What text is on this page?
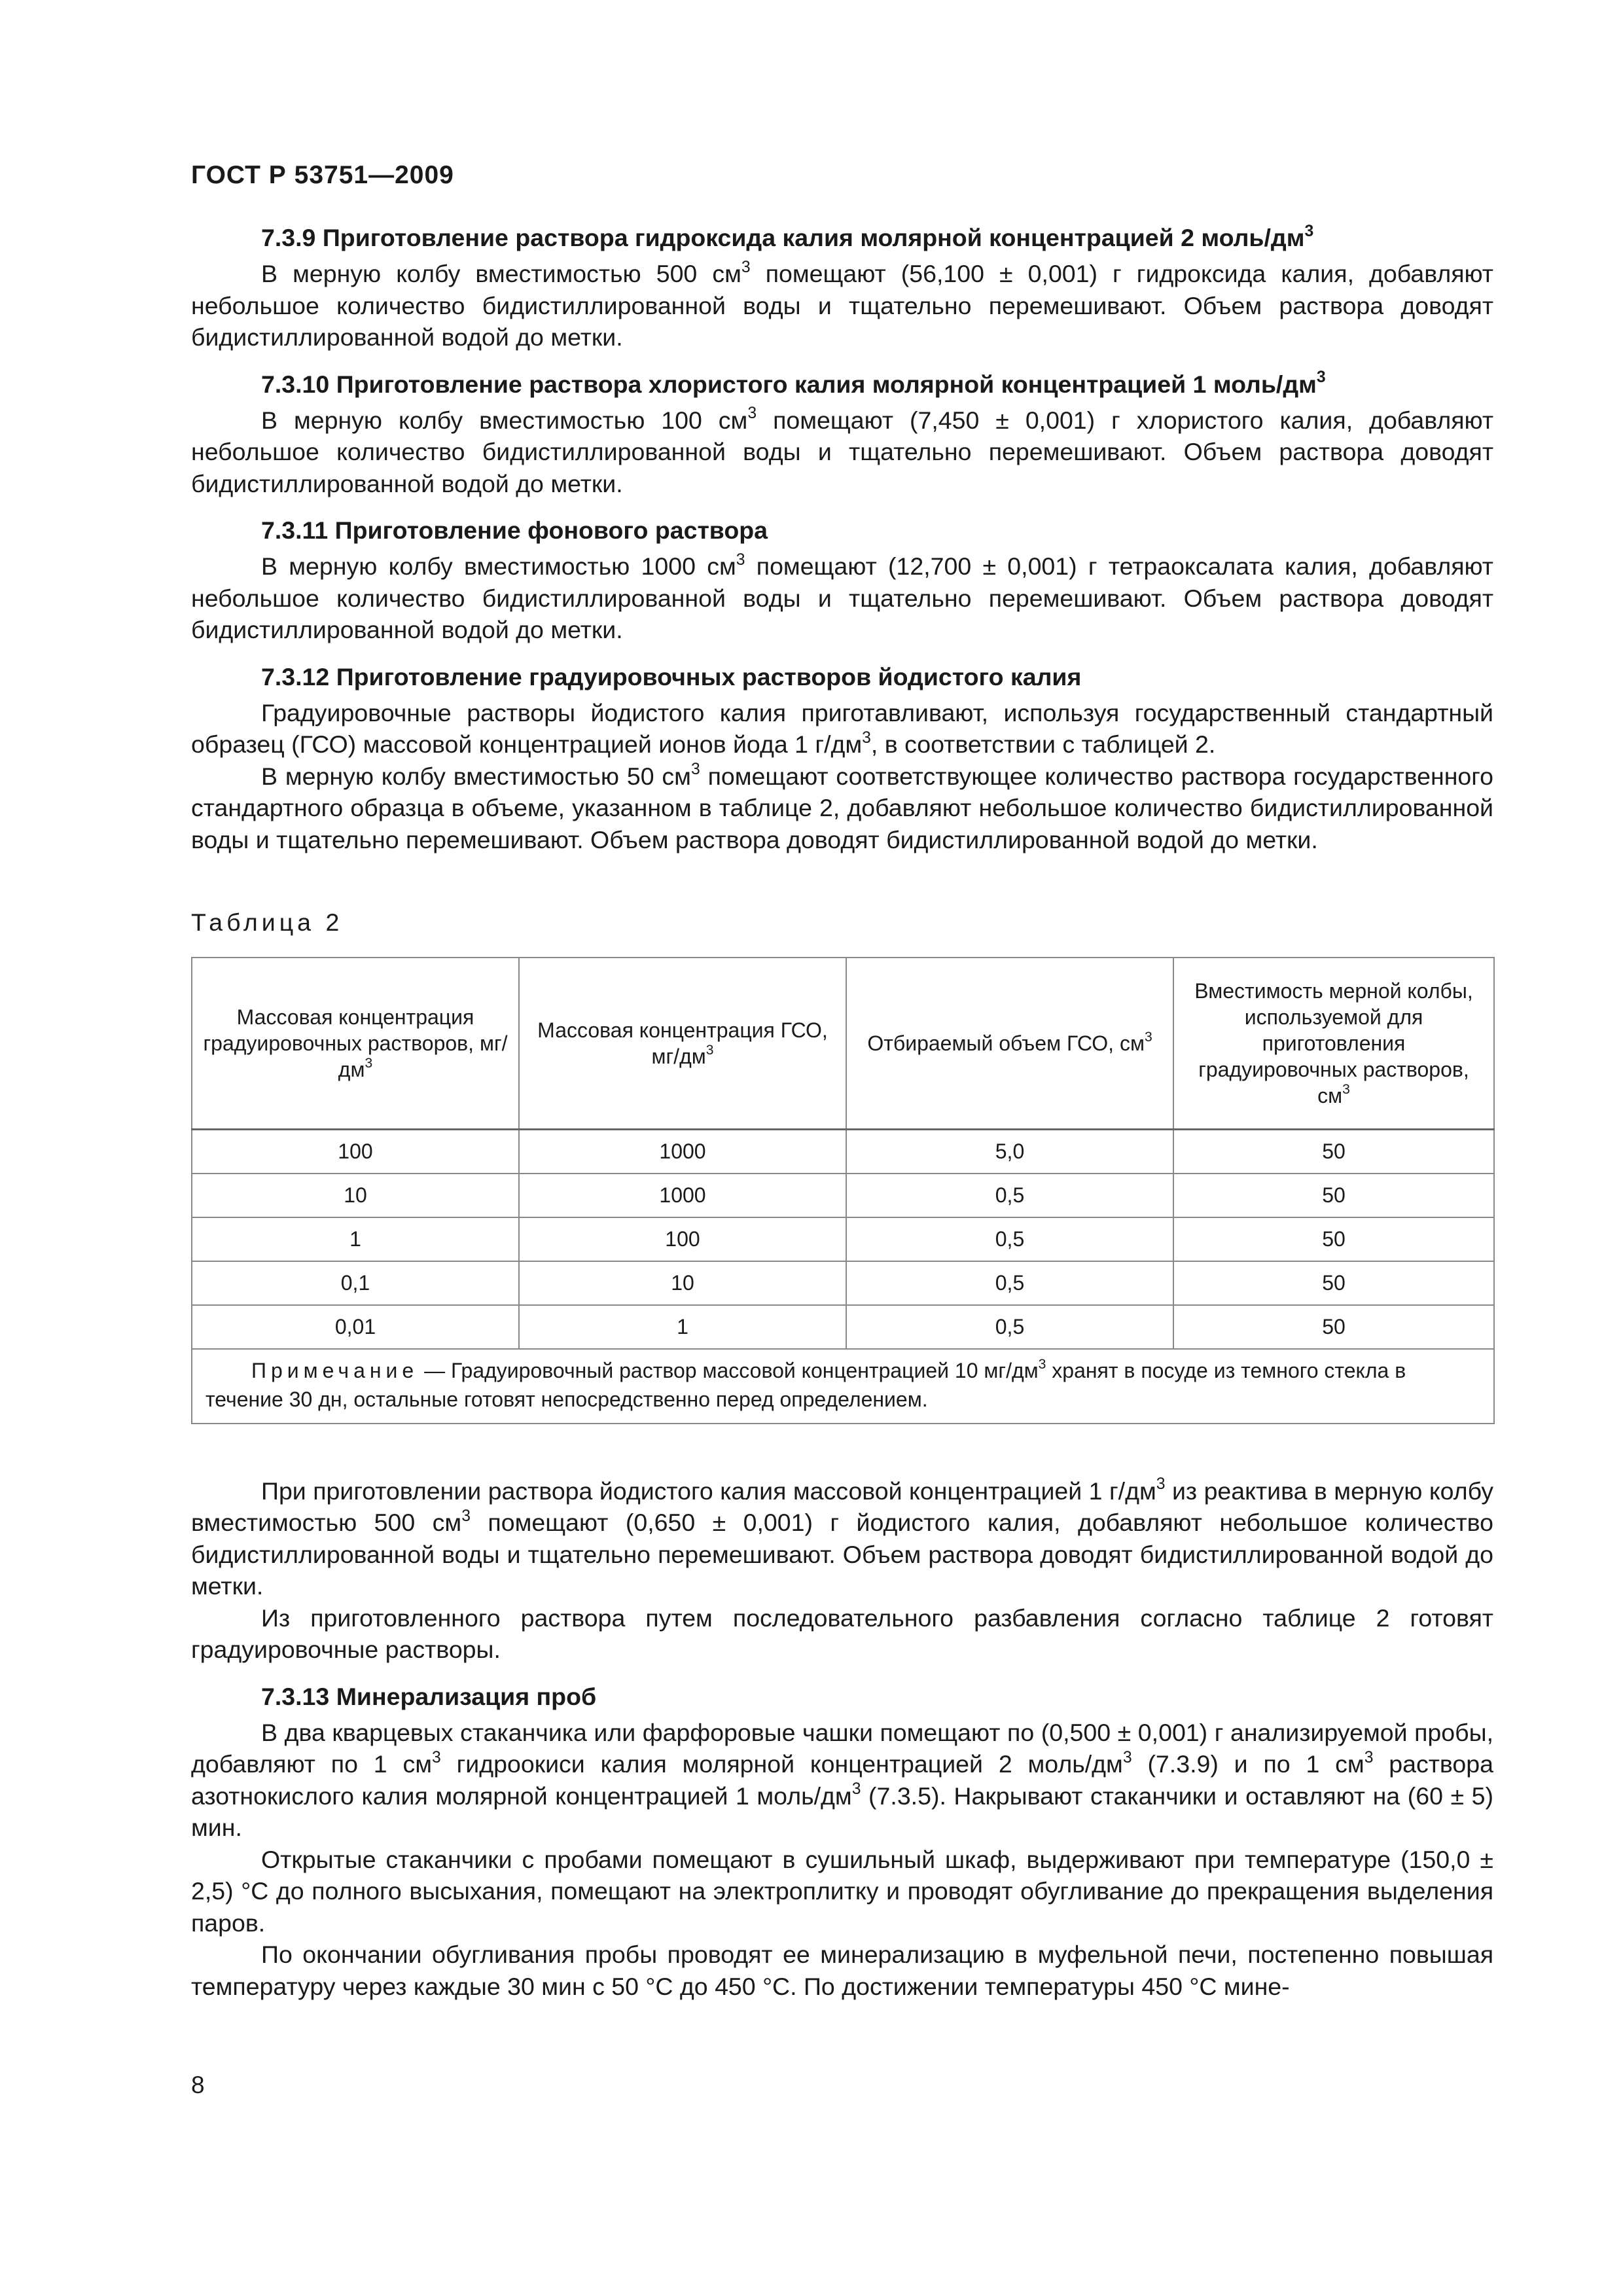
ГОСТ Р 53751—2009
7.3.9 Приготовление раствора гидроксида калия молярной концентрацией 2 моль/$дм^3$

В мерную колбу вместимостью 500 $см^3$ помещают (56,100 ± 0,001) г гидроксида калия, добавляют небольшое количество бидистиллированной воды и тщательно перемешивают. Объем раствора доводят бидистиллированной водой до метки.

7.3.10 Приготовление раствора хлористого калия молярной концентрацией 1 моль/$дм^3$

В мерную колбу вместимостью 100 $см^3$ помещают (7,450 ± 0,001) г хлористого калия, добавляют небольшое количество бидистиллированной воды и тщательно перемешивают. Объем раствора доводят бидистиллированной водой до метки.

7.3.11 Приготовление фонового раствора

В мерную колбу вместимостью 1000 $см^3$ помещают (12,700 ± 0,001) г тетраоксалата калия, добавляют небольшое количество бидистиллированной воды и тщательно перемешивают. Объем раствора доводят бидистиллированной водой до метки.

7.3.12 Приготовление градуировочных растворов йодистого калия

Градуировочные растворы йодистого калия приготавливают, используя государственный стандартный образец (ГСО) массовой концентрацией ионов йода 1 $г/дм^3$, в соответствии с таблицей 2.

В мерную колбу вместимостью 50 $см^3$ помещают соответствующее количество раствора государственного стандартного образца в объеме, указанном в таблице 2, добавляют небольшое количество бидистиллированной воды и тщательно перемешивают. Объем раствора доводят бидистиллированной водой до метки.

Таблица 2
Массовая концентрация градуировочных растворов, $мг/дм^3$	Массовая концентрация ГСО, $мг/дм^3$	Отбираемый объем ГСО, $см^3$	Вместимость мерной колбы, используемой для приготовления градуировочных растворов, $см^3$
100	1000	5,0	50
10	1000	0,5	50
1	100	0,5	50
0,1	10	0,5	50
0,01	1	0,5	50
Примечание — Градуировочный раствор массовой концентрацией 10 $мг/дм^3$ хранят в посуде из темного стекла в течение 30 дн, остальные готовят непосредственно перед определением.			

При приготовлении раствора йодистого калия массовой концентрацией 1 $г/дм^3$ из реактива в мерную колбу вместимостью 500 $см^3$ помещают (0,650 ± 0,001) г йодистого калия, добавляют небольшое количество бидистиллированной воды и тщательно перемешивают. Объем раствора доводят бидистиллированной водой до метки.

Из приготовленного раствора путем последовательного разбавления согласно таблице 2 готовят градуировочные растворы.

7.3.13 Минерализация проб

В два кварцевых стаканчика или фарфоровые чашки помещают по (0,500 ± 0,001) г анализируемой пробы, добавляют по 1 $см^3$ гидроокиси калия молярной концентрацией 2 моль/$дм^3$ (7.3.9) и по 1 $см^3$ раствора азотнокислого калия молярной концентрацией 1 моль/$дм^3$ (7.3.5). Накрывают стаканчики и оставляют на (60 ± 5) мин.

Открытые стаканчики с пробами помещают в сушильный шкаф, выдерживают при температуре (150,0 ± 2,5) °С до полного высыхания, помещают на электроплитку и проводят обугливание до прекращения выделения паров.

По окончании обугливания пробы проводят ее минерализацию в муфельной печи, постепенно повышая температуру через каждые 30 мин с 50 °С до 450 °С. По достижении температуры 450 °С мине-

8
